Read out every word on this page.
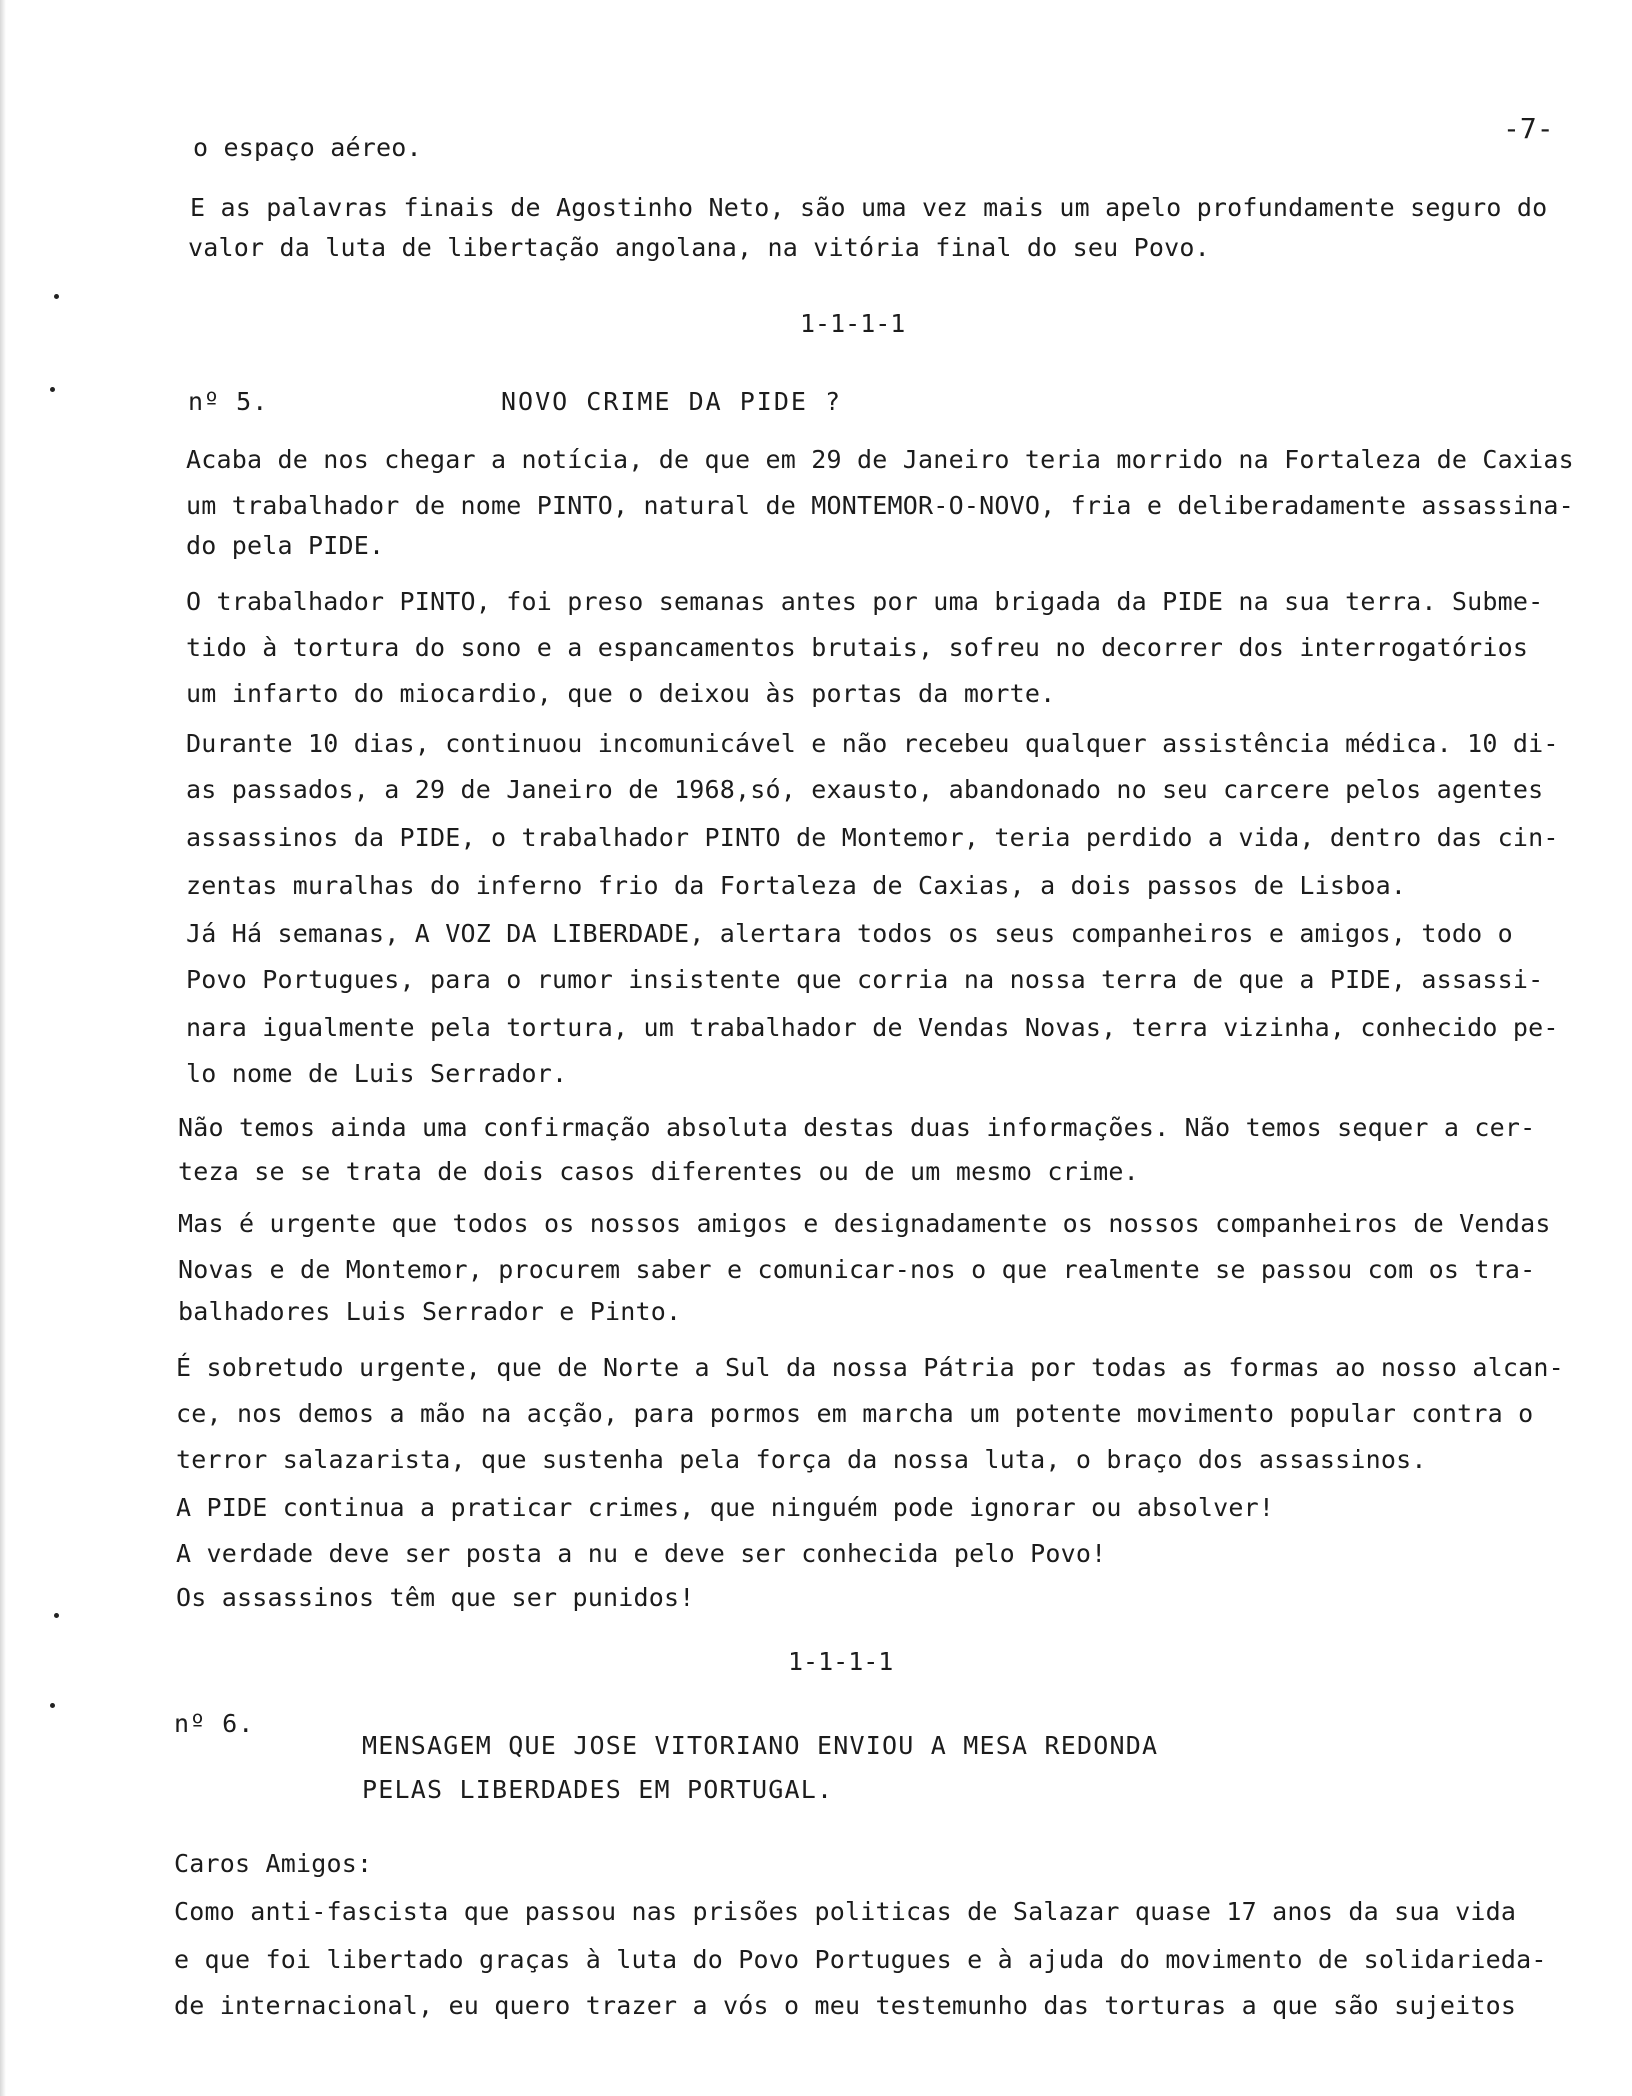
-7-
o espaço aéreo.
E as palavras finais de Agostinho Neto, são uma vez mais um apelo profundamente seguro do
valor da luta de libertação angolana, na vitória final do seu Povo.
1-1-1-1
nº 5.	NOVO CRIME DA PIDE ?
Acaba de nos chegar a notícia, de que em 29 de Janeiro teria morrido na Fortaleza de Caxias
um trabalhador de nome PINTO, natural de MONTEMOR-O-NOVO, fria e deliberadamente assassina-
do pela PIDE.
O trabalhador PINTO, foi preso semanas antes por uma brigada da PIDE na sua terra. Subme-
tido à tortura do sono e a espancamentos brutais, sofreu no decorrer dos interrogatórios
um infarto do miocardio, que o deixou às portas da morte.
Durante 10 dias, continuou incomunicável e não recebeu qualquer assistência médica. 10 di-
as passados, a 29 de Janeiro de 1968,só, exausto, abandonado no seu carcere pelos agentes
assassinos da PIDE, o trabalhador PINTO de Montemor, teria perdido a vida, dentro das cin-
zentas muralhas do inferno frio da Fortaleza de Caxias, a dois passos de Lisboa.
Já Há semanas, A VOZ DA LIBERDADE, alertara todos os seus companheiros e amigos, todo o
Povo Portugues, para o rumor insistente que corria na nossa terra de que a PIDE, assassi-
nara igualmente pela tortura, um trabalhador de Vendas Novas, terra vizinha, conhecido pe-
lo nome de Luis Serrador.
Não temos ainda uma confirmação absoluta destas duas informações. Não temos sequer a cer-
teza se se trata de dois casos diferentes ou de um mesmo crime.
Mas é urgente que todos os nossos amigos e designadamente os nossos companheiros de Vendas
Novas e de Montemor, procurem saber e comunicar-nos o que realmente se passou com os tra-
balhadores Luis Serrador e Pinto.
É sobretudo urgente, que de Norte a Sul da nossa Pátria por todas as formas ao nosso alcan-
ce, nos demos a mão na acção, para pormos em marcha um potente movimento popular contra o
terror salazarista, que sustenha pela força da nossa luta, o braço dos assassinos.
A PIDE continua a praticar crimes, que ninguém pode ignorar ou absolver!
A verdade deve ser posta a nu e deve ser conhecida pelo Povo!
Os assassinos têm que ser punidos!
1-1-1-1
nº 6.
MENSAGEM QUE JOSE VITORIANO ENVIOU A MESA REDONDA
PELAS LIBERDADES EM PORTUGAL.
Caros Amigos:
Como anti-fascista que passou nas prisões politicas de Salazar quase 17 anos da sua vida
e que foi libertado graças à luta do Povo Portugues e à ajuda do movimento de solidarieda-
de internacional, eu quero trazer a vós o meu testemunho das torturas a que são sujeitos
